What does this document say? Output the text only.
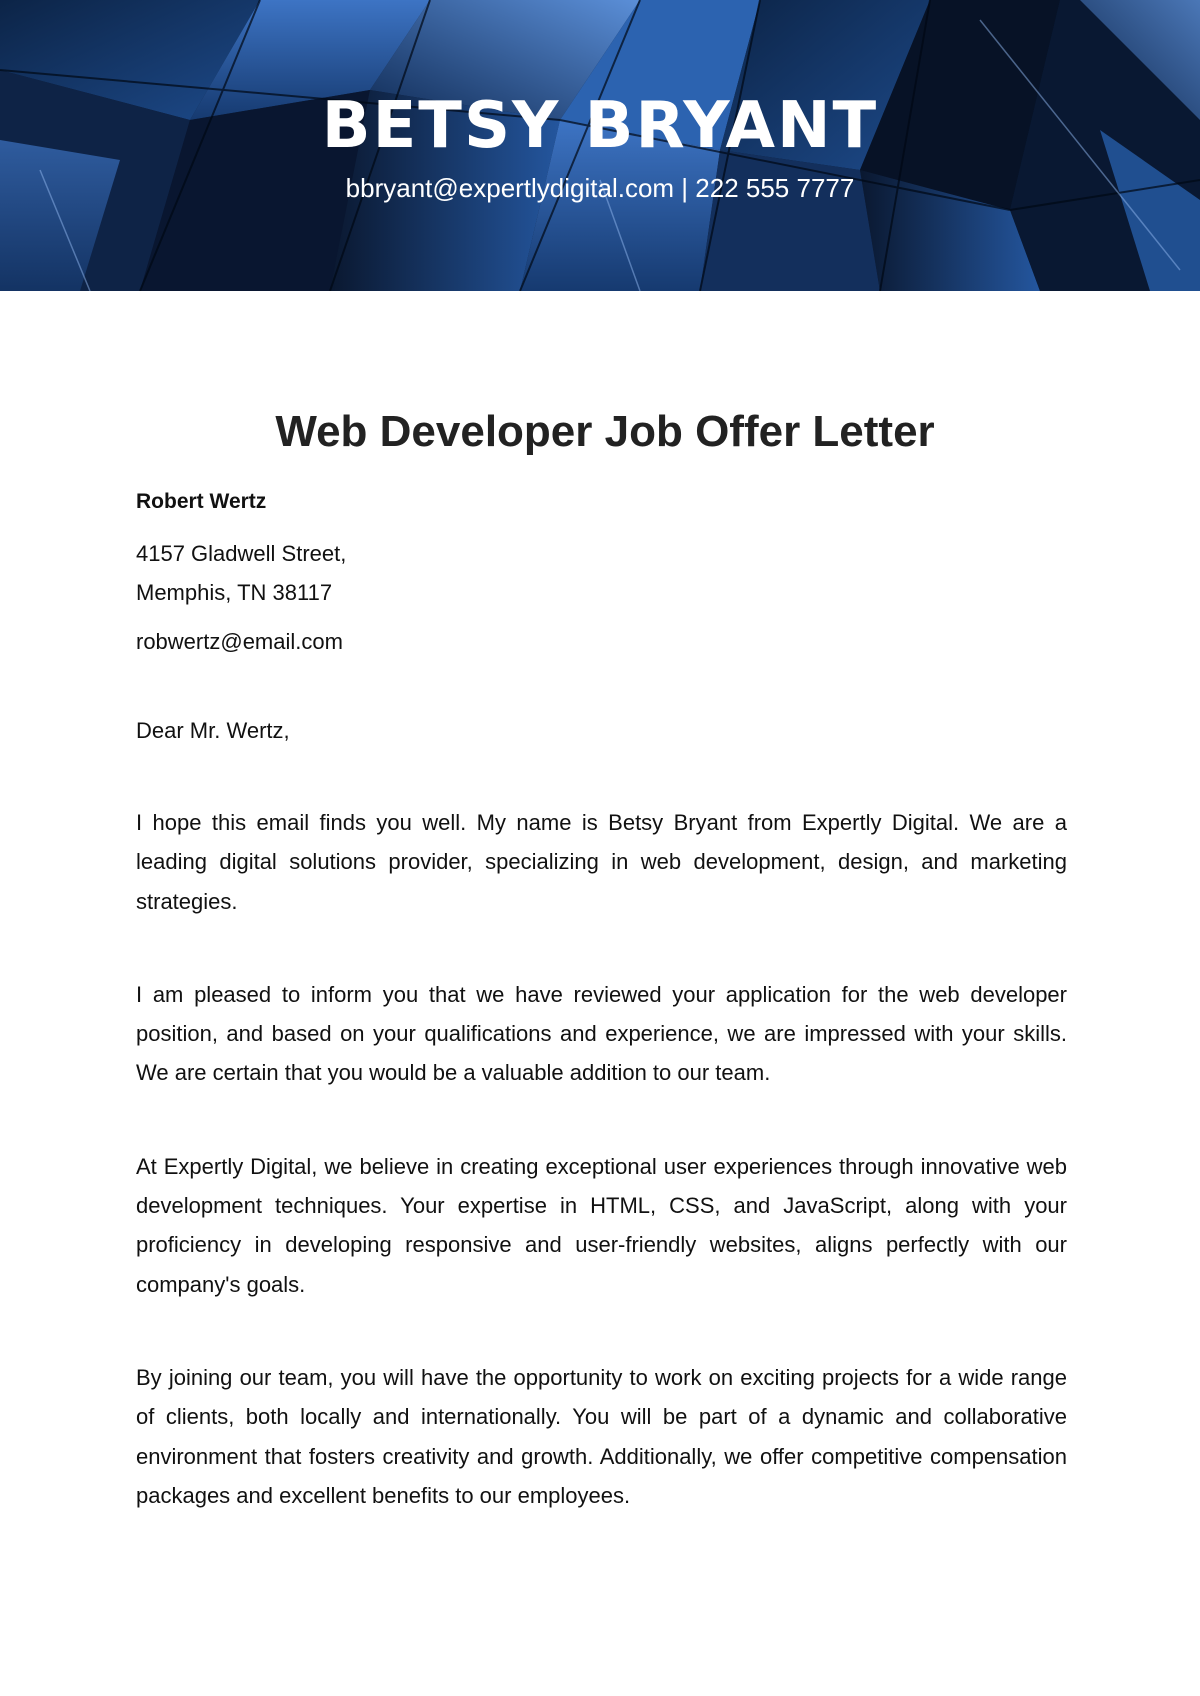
BETSY BRYANT
bbryant@expertlydigital.com | 222 555 7777
Web Developer Job Offer Letter

Robert Wertz

4157 Gladwell Street,
Memphis, TN 38117

robwertz@email.com

Dear Mr. Wertz,

I hope this email finds you well. My name is Betsy Bryant from Expertly Digital. We are a leading digital solutions provider, specializing in web development, design, and marketing strategies.

I am pleased to inform you that we have reviewed your application for the web developer position, and based on your qualifications and experience, we are impressed with your skills. We are certain that you would be a valuable addition to our team.

At Expertly Digital, we believe in creating exceptional user experiences through innovative web development techniques. Your expertise in HTML, CSS, and JavaScript, along with your proficiency in developing responsive and user-friendly websites, aligns perfectly with our company's goals.

By joining our team, you will have the opportunity to work on exciting projects for a wide range of clients, both locally and internationally. You will be part of a dynamic and collaborative environment that fosters creativity and growth. Additionally, we offer competitive compensation packages and excellent benefits to our employees.
